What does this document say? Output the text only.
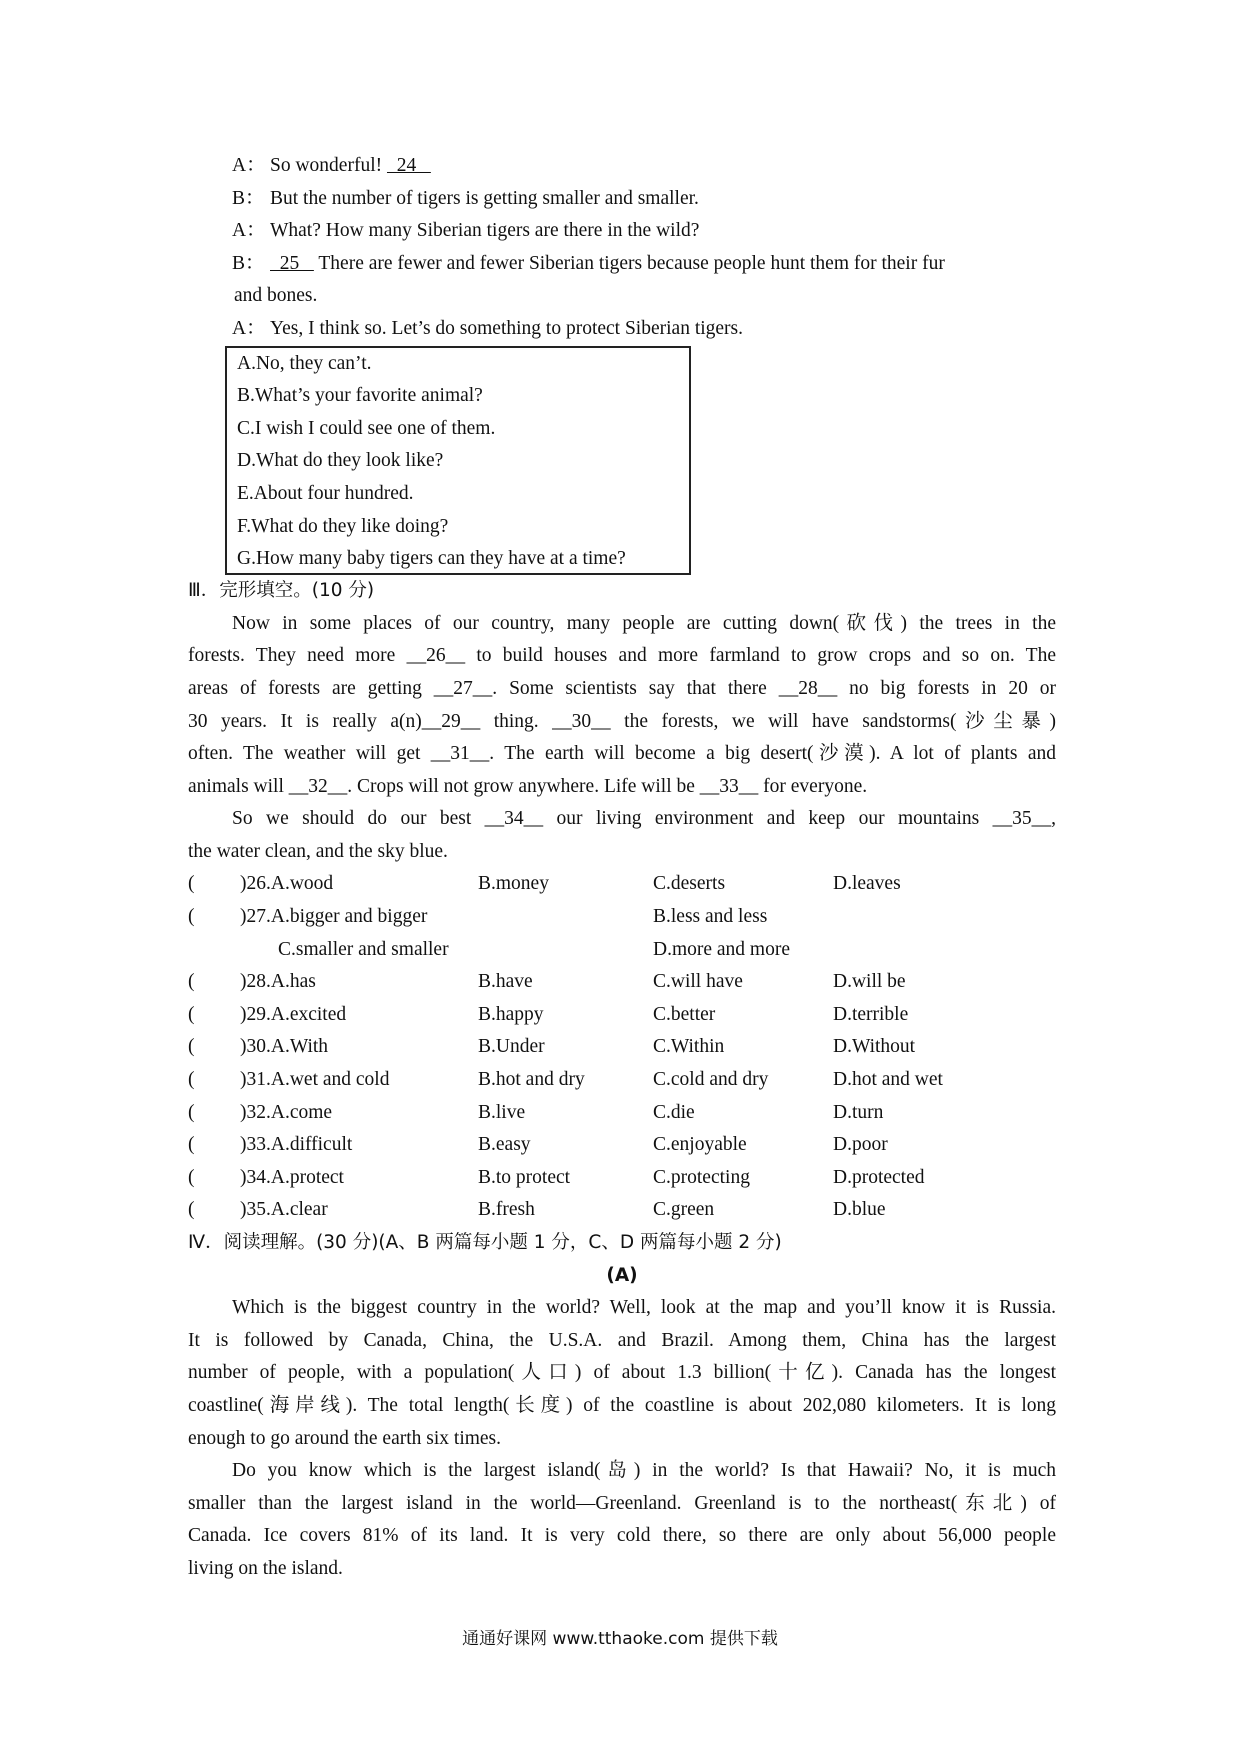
A： So wonderful!   24
B： But the number of tigers is getting smaller and smaller.
A： What? How many Siberian tigers are there in the wild?
B：  25    There are fewer and fewer Siberian tigers because people hunt them for their fur
and bones.
A： Yes, I think so. Let’s do something to protect Siberian tigers.
A.No, they can’t.
B.What’s your favorite animal?
C.I wish I could see one of them.
D.What do they look like?
E.About four hundred.
F.What do they like doing?
G.How many baby tigers can they have at a time?
Ⅲ．完形填空。(10 分)
Now in some places of our country, many people are cutting down(砍伐) the trees in the
forests. They need more __26__ to build houses and more farmland to grow crops and so on. The
areas of forests are getting __27__. Some scientists say that there __28__ no big forests in 20 or
30 years. It is really a(n)__29__ thing. __30__ the forests, we will have sandstorms(沙尘暴)
often. The weather will get __31__. The earth will become a big desert(沙漠). A lot of plants and
animals will __32__. Crops will not grow anywhere. Life will be __33__ for everyone.
So we should do our best __34__ our living environment and keep our mountains __35__,
the water clean, and the sky blue.
( )26.A.wood	B.money	C.deserts	D.leaves
( )27.A.bigger and bigger	B.less and less
C.smaller and smaller	D.more and more
( )28.A.has	B.have	C.will have	D.will be
( )29.A.excited	B.happy	C.better	D.terrible
( )30.A.With	B.Under	C.Within	D.Without
( )31.A.wet and cold	B.hot and dry	C.cold and dry	D.hot and wet
( )32.A.come	B.live	C.die	D.turn
( )33.A.difficult	B.easy	C.enjoyable	D.poor
( )34.A.protect	B.to protect	C.protecting	D.protected
( )35.A.clear	B.fresh	C.green	D.blue
Ⅳ．阅读理解。(30 分)(A、B 两篇每小题 1 分，C、D 两篇每小题 2 分)
(A)
Which is the biggest country in the world? Well, look at the map and you’ll know it is Russia.
It is followed by Canada, China, the U.S.A. and Brazil. Among them, China has the largest
number of people, with a population(人口) of about 1.3 billion(十亿). Canada has the longest
coastline(海岸线). The total length(长度) of the coastline is about 202,080 kilometers. It is long
enough to go around the earth six times.
Do you know which is the largest island(岛) in the world? Is that Hawaii? No, it is much
smaller than the largest island in the world—Greenland. Greenland is to the northeast(东北) of
Canada. Ice covers 81% of its land. It is very cold there, so there are only about 56,000 people
living on the island.
通通好课网 www.tthaoke.com 提供下载
